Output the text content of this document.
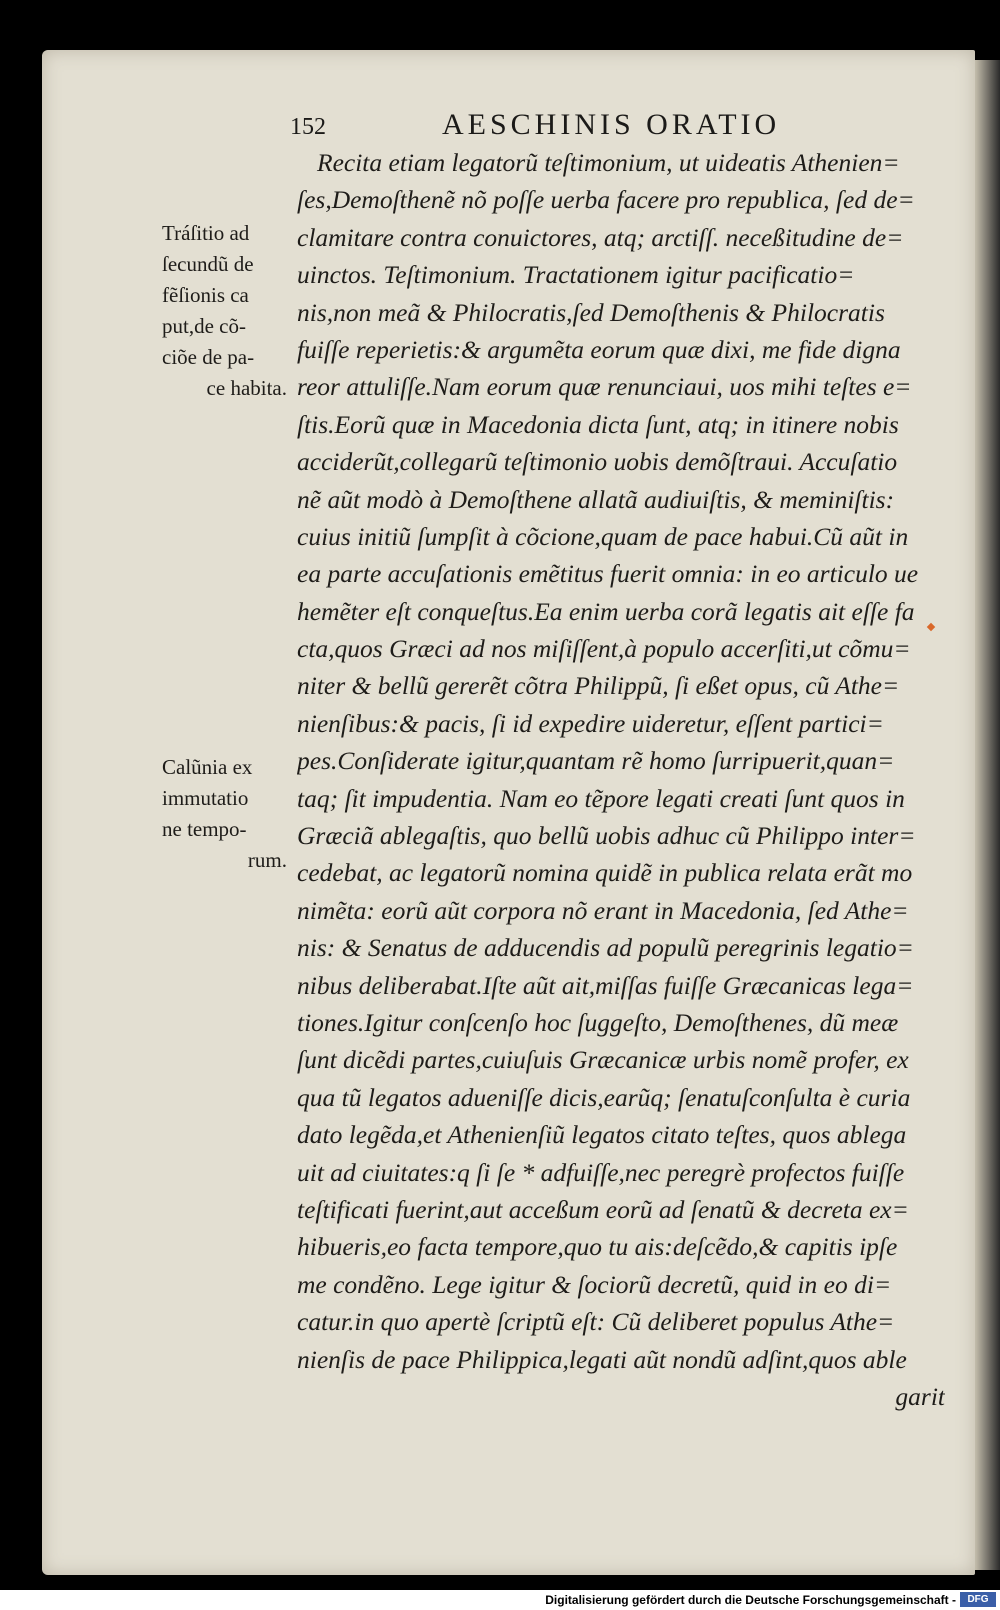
152	AESCHINIS ORATIO
Tráſitio ad
ſecundũ de
fẽſionis ca
put,de cõ-
ciõe de pa-
ce habita.
Calũnia ex
immutatio
ne tempo-
rum.
Recita etiam legatorũ teſtimonium, ut uideatis Athenien=
ſes,Demoſthenẽ nõ poſſe uerba facere pro republica, ſed de=
clamitare contra conuictores, atq; arctiſſ. neceßitudine de=
uinctos. Teſtimonium. Tractationem igitur pacificatio=
nis,non meã & Philocratis,ſed Demoſthenis & Philocratis
fuiſſe reperietis:& argumẽta eorum quæ dixi, me fide digna
reor attuliſſe.Nam eorum quæ renunciaui, uos mihi teſtes e=
ſtis.Eorũ quæ in Macedonia dicta ſunt, atq; in itinere nobis
acciderũt,collegarũ teſtimonio uobis demõſtraui. Accuſatio
nẽ aũt modò à Demoſthene allatã audiuiſtis, & meminiſtis:
cuius initiũ ſumpſit à cõcione,quam de pace habui.Cũ aũt in
ea parte accuſationis emẽtitus fuerit omnia: in eo articulo ue
hemẽter eſt conqueſtus.Ea enim uerba corã legatis ait eſſe fa
cta,quos Græci ad nos miſiſſent,à populo accerſiti,ut cõmu=
niter & bellũ gererẽt cõtra Philippũ, ſi eßet opus, cũ Athe=
nienſibus:& pacis, ſi id expedire uideretur, eſſent partici=
pes.Conſiderate igitur,quantam rẽ homo ſurripuerit,quan=
taq; ſit impudentia. Nam eo tẽpore legati creati ſunt quos in
Græciã ablegaſtis, quo bellũ uobis adhuc cũ Philippo inter=
cedebat, ac legatorũ nomina quidẽ in publica relata erãt mo
nimẽta: eorũ aũt corpora nõ erant in Macedonia, ſed Athe=
nis: & Senatus de adducendis ad populũ peregrinis legatio=
nibus deliberabat.Iſte aũt ait,miſſas fuiſſe Græcanicas lega=
tiones.Igitur conſcenſo hoc ſuggeſto, Demoſthenes, dũ meæ
ſunt dicẽdi partes,cuiuſuis Græcanicæ urbis nomẽ profer, ex
qua tũ legatos adueniſſe dicis,earũq; ſenatuſconſulta è curia
dato legẽda,et Athenienſiũ legatos citato teſtes, quos ablega
uit ad ciuitates:q ſi ſe * adfuiſſe,nec peregrè profectos fuiſſe
teſtificati fuerint,aut acceßum eorũ ad ſenatũ & decreta ex=
hibueris,eo facta tempore,quo tu ais:deſcẽdo,& capitis ipſe
me condẽno. Lege igitur & ſociorũ decretũ, quid in eo di=
catur.in quo apertè ſcriptũ eſt: Cũ deliberet populus Athe=
nienſis de pace Philippica,legati aũt nondũ adſint,quos able
garit
Digitalisierung gefördert durch die Deutsche Forschungsgemeinschaft -	DFG
